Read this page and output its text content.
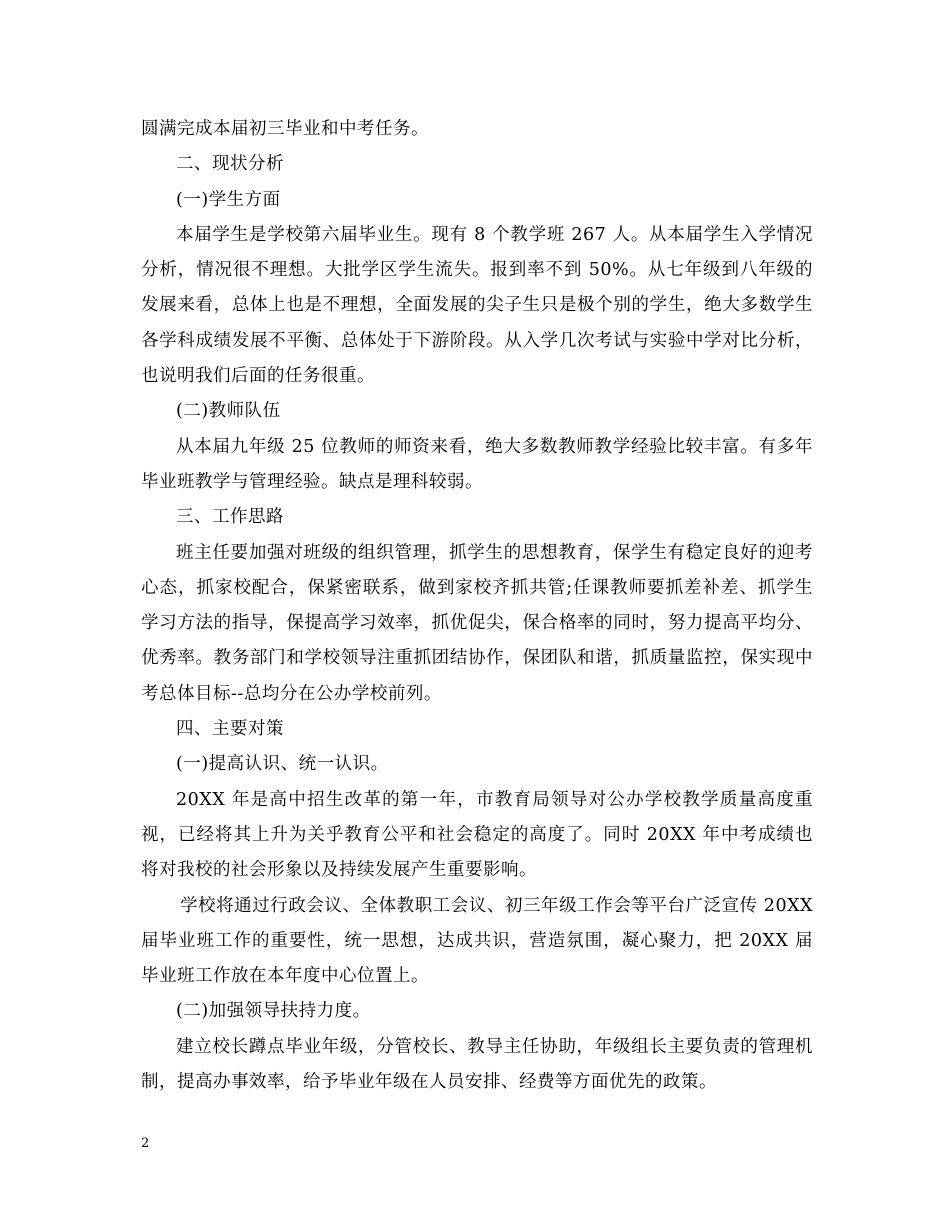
圆满完成本届初三毕业和中考任务。

二、现状分析

(一)学生方面

本届学生是学校第六届毕业生。现有 8 个教学班 267 人。从本届学生入学情况分析，情况很不理想。大批学区学生流失。报到率不到 50%。从七年级到八年级的发展来看，总体上也是不理想，全面发展的尖子生只是极个别的学生，绝大多数学生各学科成绩发展不平衡、总体处于下游阶段。从入学几次考试与实验中学对比分析，也说明我们后面的任务很重。

(二)教师队伍

从本届九年级 25 位教师的师资来看，绝大多数教师教学经验比较丰富。有多年毕业班教学与管理经验。缺点是理科较弱。

三、工作思路

班主任要加强对班级的组织管理，抓学生的思想教育，保学生有稳定良好的迎考心态，抓家校配合，保紧密联系，做到家校齐抓共管;任课教师要抓差补差、抓学生学习方法的指导，保提高学习效率，抓优促尖，保合格率的同时，努力提高平均分、优秀率。教务部门和学校领导注重抓团结协作，保团队和谐，抓质量监控，保实现中考总体目标--总均分在公办学校前列。

四、主要对策

(一)提高认识、统一认识。

20XX 年是高中招生改革的第一年，市教育局领导对公办学校教学质量高度重视，已经将其上升为关乎教育公平和社会稳定的高度了。同时 20XX 年中考成绩也将对我校的社会形象以及持续发展产生重要影响。

学校将通过行政会议、全体教职工会议、初三年级工作会等平台广泛宣传 20XX 届毕业班工作的重要性，统一思想，达成共识，营造氛围，凝心聚力，把 20XX 届毕业班工作放在本年度中心位置上。

(二)加强领导扶持力度。

建立校长蹲点毕业年级，分管校长、教导主任协助，年级组长主要负责的管理机制，提高办事效率，给予毕业年级在人员安排、经费等方面优先的政策。

2
